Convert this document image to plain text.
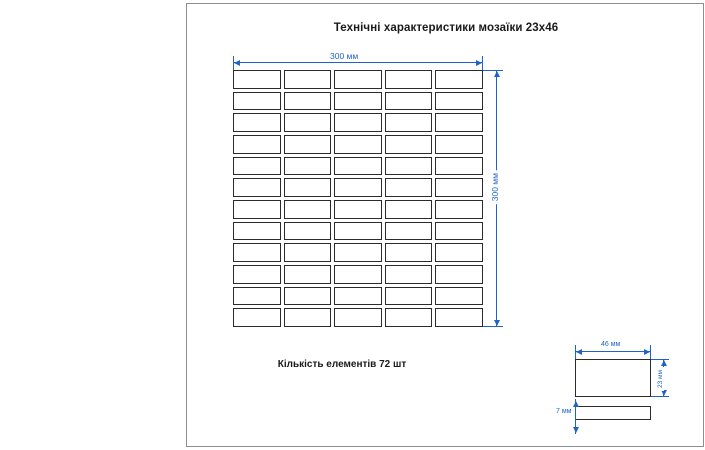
Технічні характеристики мозаїки 23x46
300 мм
300 мм
Кількість елементів 72 шт
46 мм
23 мм
7 мм
